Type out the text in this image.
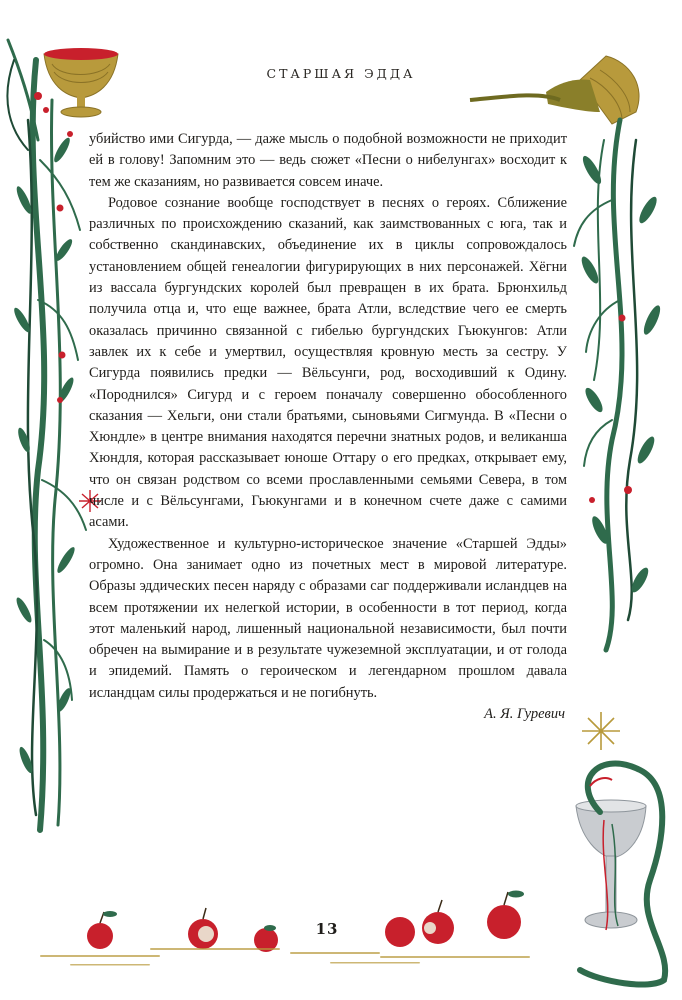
СТАРШАЯ ЭДДА

убийство ими Сигурда, — даже мысль о подобной возможности не приходит ей в голову! Запомним это — ведь сюжет «Песни о нибелунгах» восходит к тем же сказаниям, но развивается совсем иначе.

Родовое сознание вообще господствует в песнях о героях. Сближение различных по происхождению сказаний, как заимствованных с юга, так и собственно скандинавских, объединение их в циклы сопровождалось установлением общей генеалогии фигурирующих в них персонажей. Хёгни из вассала бургундских королей был превращен в их брата. Брюнхильд получила отца и, что еще важнее, брата Атли, вследствие чего ее смерть оказалась причинно связанной с гибелью бургундских Гьюкунгов: Атли завлек их к себе и умертвил, осуществляя кровную месть за сестру. У Сигурда появились предки — Вёльсунги, род, восходивший к Одину. «Породнился» Сигурд и с героем поначалу совершенно обособленного сказания — Хельги, они стали братьями, сыновьями Сигмунда. В «Песни о Хюндле» в центре внимания находятся перечни знатных родов, и великанша Хюндля, которая рассказывает юноше Оттару о его предках, открывает ему, что он связан родством со всеми прославленными семьями Севера, в том числе и с Вёльсунгами, Гьюкунгами и в конечном счете даже с самими асами.

Художественное и культурно-историческое значение «Старшей Эдды» огромно. Она занимает одно из почетных мест в мировой литературе. Образы эддических песен наряду с образами саг поддерживали исландцев на всем протяжении их нелегкой истории, в особенности в тот период, когда этот маленький народ, лишенный национальной независимости, был почти обречен на вымирание и в результате чужеземной эксплуатации, и от голода и эпидемий. Память о героическом и легендарном прошлом давала исландцам силы продержаться и не погибнуть.

А. Я. Гуревич
13
